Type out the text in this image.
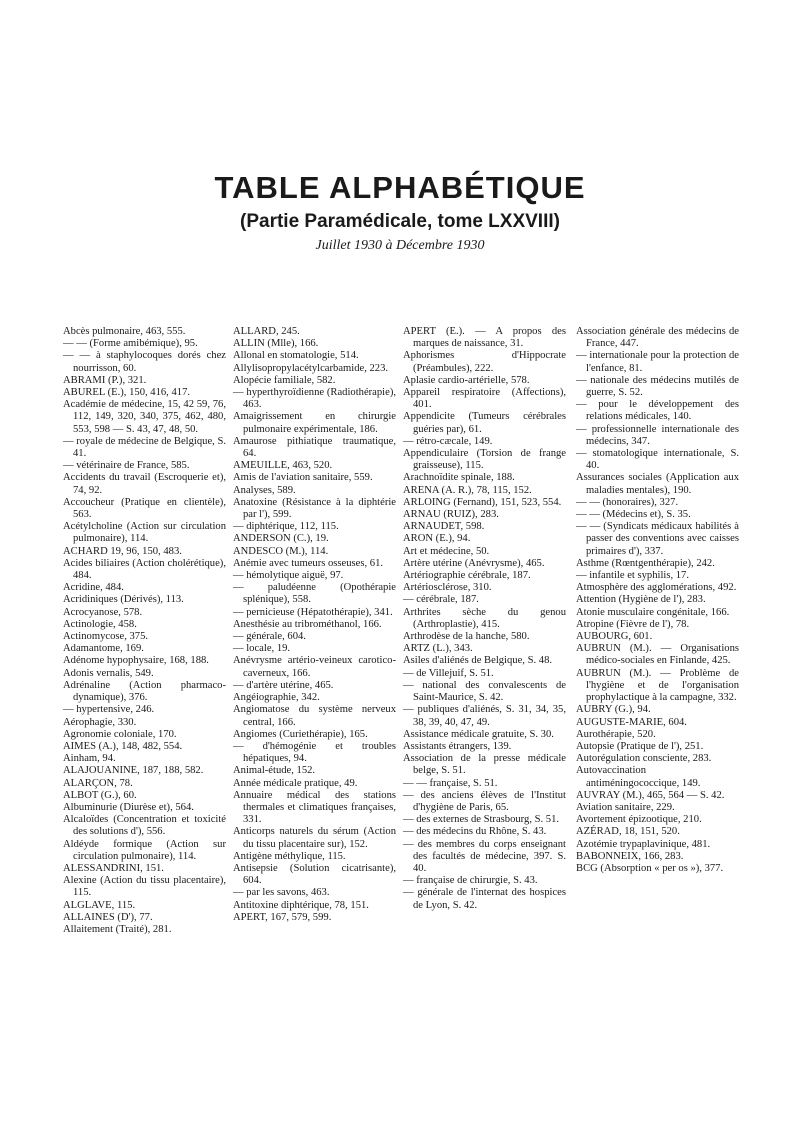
TABLE ALPHABÉTIQUE
(Partie Paramédicale, tome LXXVIII)
Juillet 1930 à Décembre 1930
Abcès pulmonaire, 463, 555.
— — (Forme amibémique), 95.
— — à staphylocoques dorés chez nourrisson, 60.
ABRAMI (P.), 321.
ABUREL (E.), 150, 416, 417.
Académie de médecine, 15, 42 59, 76, 112, 149, 320, 340, 375, 462, 480, 553, 598 — S. 43, 47, 48, 50.
— royale de médecine de Belgique, S. 41.
— vétérinaire de France, 585.
Accidents du travail (Escroquerie et), 74, 92.
Accoucheur (Pratique en clientèle), 563.
Acétylcholine (Action sur circulation pulmonaire), 114.
ACHARD 19, 96, 150, 483.
Acides biliaires (Action cholérétique), 484.
Acridine, 484.
Acridiniques (Dérivés), 113.
Acrocyanose, 578.
Actinologie, 458.
Actinomycose, 375.
Adamantome, 169.
Adénome hypophysaire, 168, 188.
Adonis vernalis, 549.
Adrénaline (Action pharmaco-dynamique), 376.
— hypertensive, 246.
Aérophagie, 330.
Agronomie coloniale, 170.
AIMES (A.), 148, 482, 554.
Ainham, 94.
ALAJOUANINE, 187, 188, 582.
ALARÇON, 78.
ALBOT (G.), 60.
Albuminurie (Diurèse et), 564.
Alcaloïdes (Concentration et toxicité des solutions d'), 556.
Aldéyde formique (Action sur circulation pulmonaire), 114.
ALESSANDRINI, 151.
Alexine (Action du tissu placentaire), 115.
ALGLAVE, 115.
ALLAINES (D'), 77.
Allaitement (Traité), 281.
ALLARD, 245.
ALLIN (Mlle), 166.
Allonal en stomatologie, 514.
Allylisopropylacétylcarbamide, 223.
Alopécie familiale, 582.
— hyperthyroïdienne (Radiothérapie), 463.
Amaigrissement en chirurgie pulmonaire expérimentale, 186.
Amaurose pithiatique traumatique, 64.
AMEUILLE, 463, 520.
Amis de l'aviation sanitaire, 559.
Analyses, 589.
Anatoxine (Résistance à la diphtérie par l'), 599.
— diphtérique, 112, 115.
ANDERSON (C.), 19.
ANDESCO (M.), 114.
Anémie avec tumeurs osseuses, 61.
— hémolytique aiguë, 97.
— paludéenne (Opothérapie splénique), 558.
— pernicieuse (Hépatothérapie), 341.
Anesthésie au tribrométhanol, 166.
— générale, 604.
— locale, 19.
Anévrysme artério-veineux carotico-caverneux, 166.
— d'artère utérine, 465.
Angéiographie, 342.
Angiomatose du système nerveux central, 166.
Angiomes (Curiethérapie), 165.
— d'hémogénie et troubles hépatiques, 94.
Animal-étude, 152.
Année médicale pratique, 49.
Annuaire médical des stations thermales et climatiques françaises, 331.
Anticorps naturels du sérum (Action du tissu placentaire sur), 152.
Antigène méthylique, 115.
Antisepsie (Solution cicatrisante), 604.
— par les savons, 463.
Antitoxine diphtérique, 78, 151.
APERT, 167, 579, 599.
APERT (E.). — A propos des marques de naissance, 31.
Aphorismes d'Hippocrate (Préambules), 222.
Aplasie cardio-artérielle, 578.
Appareil respiratoire (Affections), 401.
Appendicite (Tumeurs cérébrales guéries par), 61.
— rétro-cæcale, 149.
Appendiculaire (Torsion de frange graisseuse), 115.
Arachnoïdite spinale, 188.
ARENA (A. R.), 78, 115, 152.
ARLOING (Fernand), 151, 523, 554.
ARNAU (RUIZ), 283.
ARNAUDET, 598.
ARON (E.), 94.
Art et médecine, 50.
Artère utérine (Anévrysme), 465.
Artériographie cérébrale, 187.
Artériosclérose, 310.
— cérébrale, 187.
Arthrites sèche du genou (Arthroplastie), 415.
Arthrodèse de la hanche, 580.
ARTZ (L.), 343.
Asiles d'aliénés de Belgique, S. 48.
— de Villejuif, S. 51.
— national des convalescents de Saint-Maurice, S. 42.
— publiques d'aliénés, S. 31, 34, 35, 38, 39, 40, 47, 49.
Assistance médicale gratuite, S. 30.
Assistants étrangers, 139.
Association de la presse médicale belge, S. 51.
— — française, S. 51.
— des anciens élèves de l'Institut d'hygiène de Paris, 65.
— des externes de Strasbourg, S. 51.
— des médecins du Rhône, S. 43.
— des membres du corps enseignant des facultés de médecine, 397. S. 40.
— française de chirurgie, S. 43.
— générale de l'internat des hospices de Lyon, S. 42.
Association générale des médecins de France, 447.
— internationale pour la protection de l'enfance, 81.
— nationale des médecins mutilés de guerre, S. 52.
— pour le développement des relations médicales, 140.
— professionnelle internationale des médecins, 347.
— stomatologique internationale, S. 40.
Assurances sociales (Application aux maladies mentales), 190.
— — (honoraires), 327.
— — (Médecins et), S. 35.
— — (Syndicats médicaux habilités à passer des conventions avec caisses primaires d'), 337.
Asthme (Rœntgenthérapie), 242.
— infantile et syphilis, 17.
Atmosphère des agglomérations, 492.
Attention (Hygiène de l'), 283.
Atonie musculaire congénitale, 166.
Atropine (Fièvre de l'), 78.
AUBOURG, 601.
AUBRUN (M.). — Organisations médico-sociales en Finlande, 425.
AUBRUN (M.). — Problème de l'hygiène et de l'organisation prophylactique à la campagne, 332.
AUBRY (G.), 94.
AUGUSTE-MARIE, 604.
Aurothérapie, 520.
Autopsie (Pratique de l'), 251.
Autorégulation consciente, 283.
Autovaccination antiméningococcique, 149.
AUVRAY (M.), 465, 564 — S. 42.
Aviation sanitaire, 229.
Avortement épizootique, 210.
AZÉRAD, 18, 151, 520.
Azotémie trypaplavinique, 481.
BABONNEIX, 166, 283.
BCG (Absorption « per os »), 377.
